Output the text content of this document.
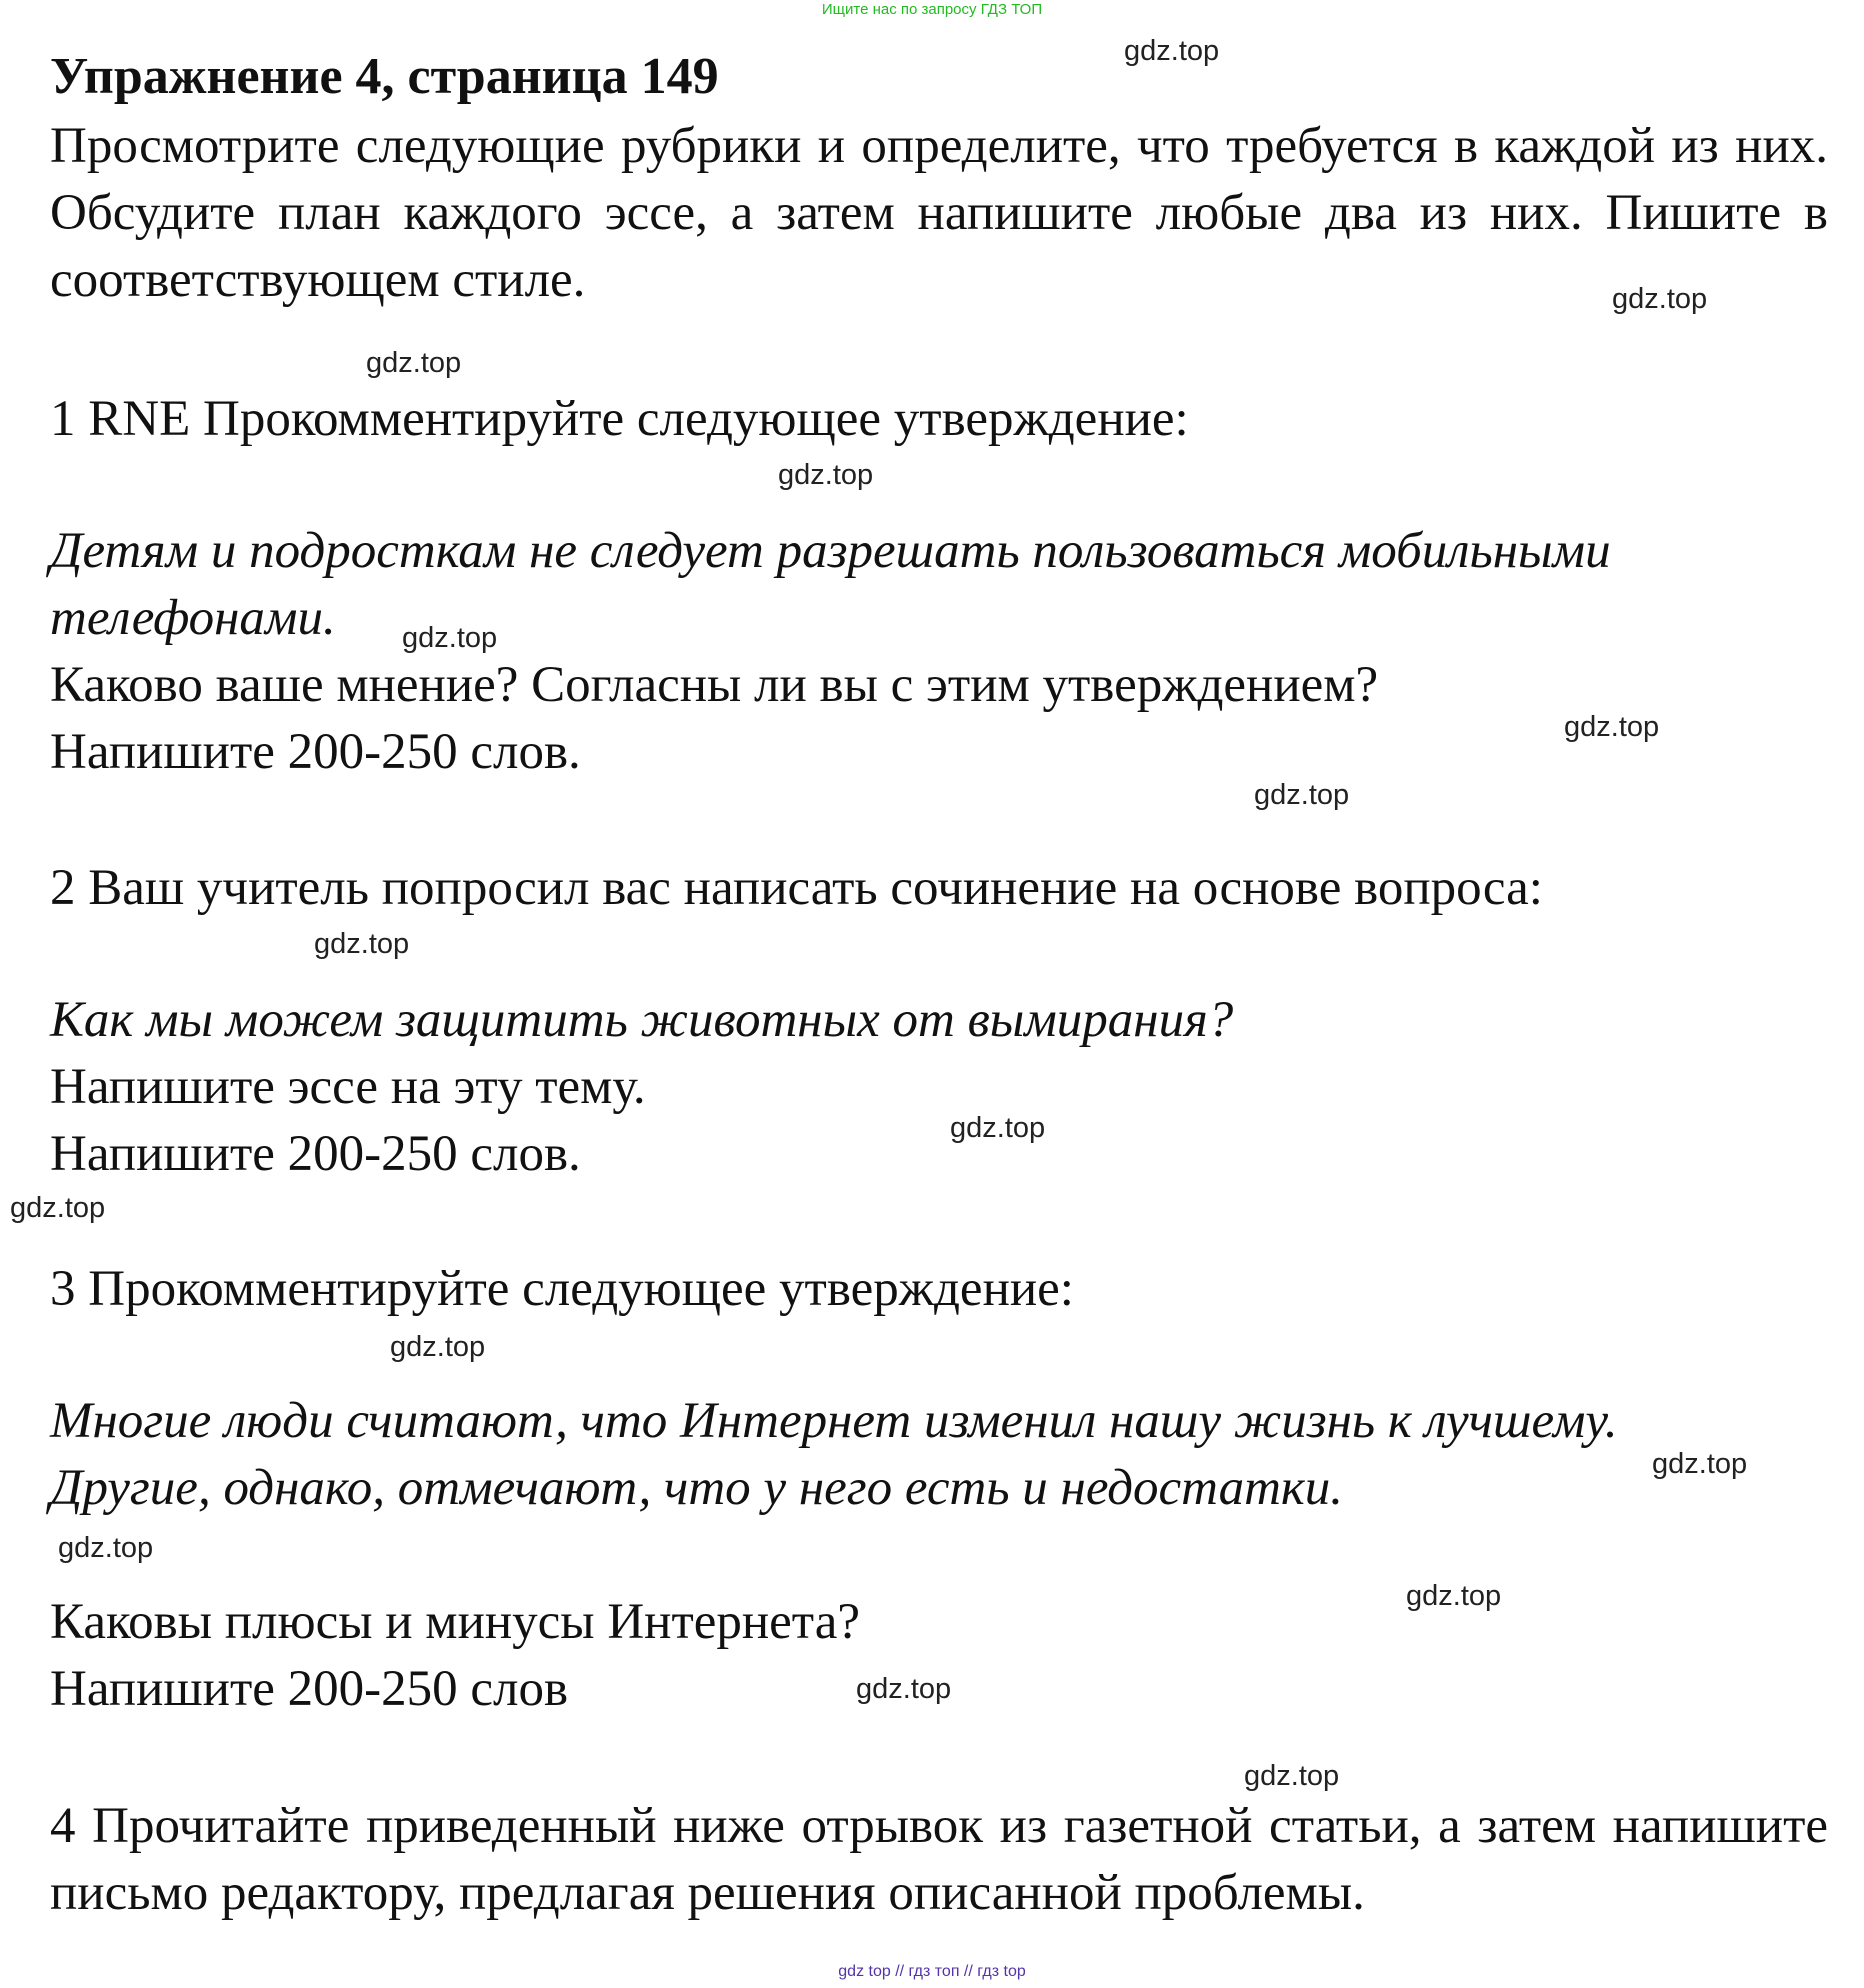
Ищите нас по запросу ГДЗ ТОП
Упражнение 4, страница 149

Просмотрите следующие рубрики и определите, что требуется в каждой из них. Обсудите план каждого эссе, а затем напишите любые два из них. Пишите в соответствующем стиле.

1 RNE Прокомментируйте следующее утверждение:

Детям и подросткам не следует разрешать пользоваться мобильными

телефонами.

Каково ваше мнение? Согласны ли вы с этим утверждением?

Напишите 200-250 слов.

2 Ваш учитель попросил вас написать сочинение на основе вопроса:

Как мы можем защитить животных от вымирания?

Напишите эссе на эту тему.

Напишите 200-250 слов.

3 Прокомментируйте следующее утверждение:

Многие люди считают, что Интернет изменил нашу жизнь к лучшему.

Другие, однако, отмечают, что у него есть и недостатки.

Каковы плюсы и минусы Интернета?

Напишите 200-250 слов

4 Прочитайте приведенный ниже отрывок из газетной статьи, а затем напишите письмо редактору, предлагая решения описанной проблемы.

gdz.top
gdz.top
gdz.top
gdz.top
gdz.top
gdz.top
gdz.top
gdz.top
gdz.top
gdz.top
gdz.top
gdz.top
gdz.top
gdz.top
gdz.top
gdz.top
gdz top // гдз топ // гдз top
